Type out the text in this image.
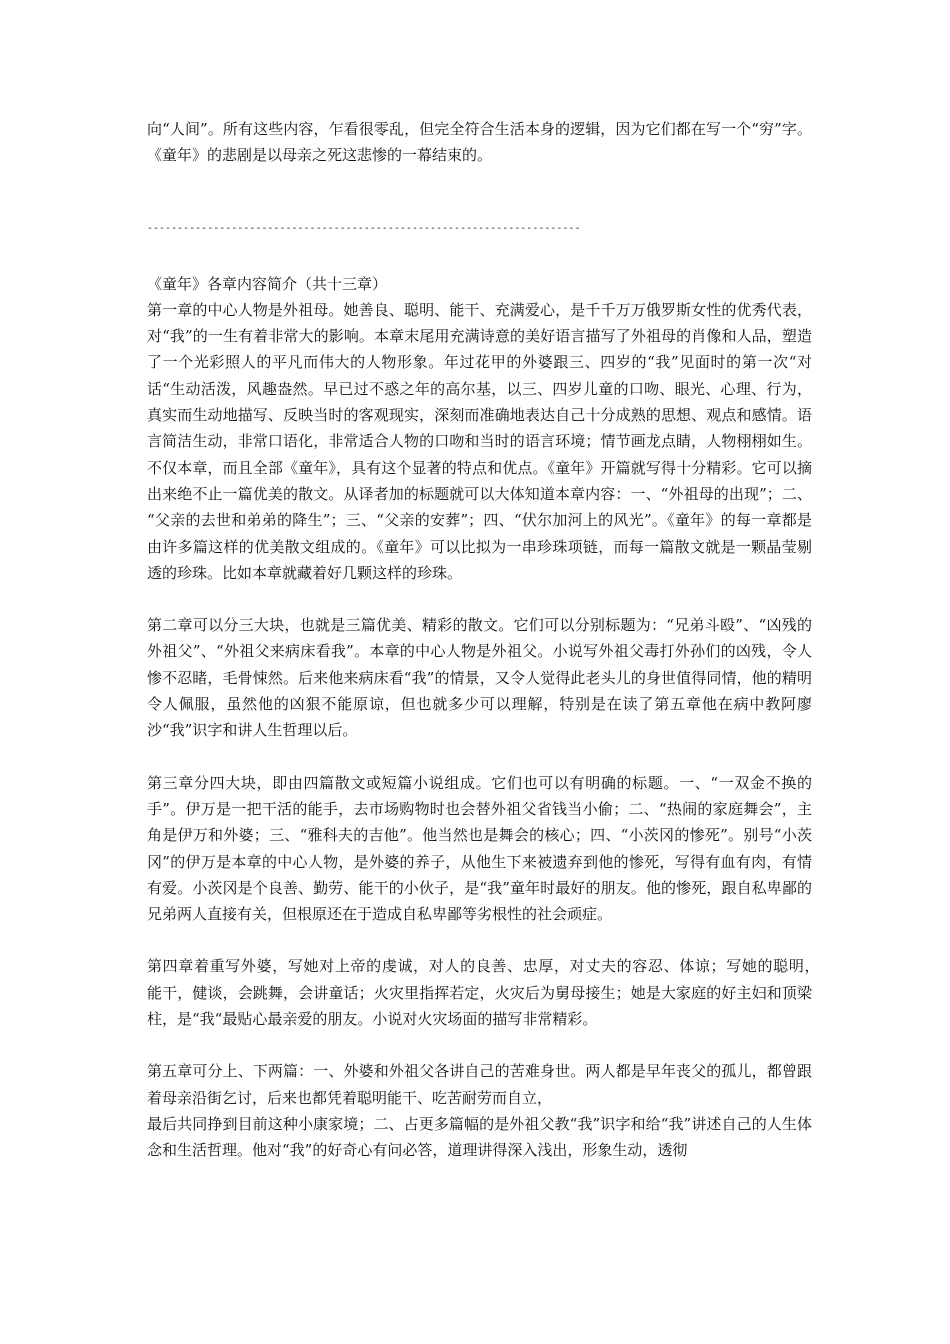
向“人间”。所有这些内容，乍看很零乱，但完全符合生活本身的逻辑，因为它们都在写一个“穷”字。《童年》的悲剧是以母亲之死这悲惨的一幕结束的。

------------------------------------------------------------------------

《童年》各章内容简介（共十三章）

第一章的中心人物是外祖母。她善良、聪明、能干、充满爱心，是千千万万俄罗斯女性的优秀代表，对“我”的一生有着非常大的影响。本章末尾用充满诗意的美好语言描写了外祖母的肖像和人品，塑造了一个光彩照人的平凡而伟大的人物形象。年过花甲的外婆跟三、四岁的“我”见面时的第一次“对话“生动活泼，风趣盎然。早已过不惑之年的高尔基，以三、四岁儿童的口吻、眼光、心理、行为，真实而生动地描写、反映当时的客观现实，深刻而准确地表达自己十分成熟的思想、观点和感情。语言简洁生动，非常口语化，非常适合人物的口吻和当时的语言环境；情节画龙点睛，人物栩栩如生。不仅本章，而且全部《童年》，具有这个显著的特点和优点。《童年》开篇就写得十分精彩。它可以摘出来绝不止一篇优美的散文。从译者加的标题就可以大体知道本章内容：一、“外祖母的出现”；二、 “父亲的去世和弟弟的降生”；三、“父亲的安葬”；四、“伏尔加河上的风光”。《童年》的每一章都是由许多篇这样的优美散文组成的。《童年》可以比拟为一串珍珠项链，而每一篇散文就是一颗晶莹剔透的珍珠。比如本章就藏着好几颗这样的珍珠。

第二章可以分三大块，也就是三篇优美、精彩的散文。它们可以分别标题为：“兄弟斗殴”、“凶残的外祖父”、“外祖父来病床看我”。本章的中心人物是外祖父。小说写外祖父毒打外孙们的凶残，令人惨不忍睹，毛骨悚然。后来他来病床看“我”的情景，又令人觉得此老头儿的身世值得同情，他的精明令人佩服，虽然他的凶狠不能原谅，但也就多少可以理解，特别是在读了第五章他在病中教阿廖沙“我”识字和讲人生哲理以后。

第三章分四大块，即由四篇散文或短篇小说组成。它们也可以有明确的标题。一、“一双金不换的手”。伊万是一把干活的能手，去市场购物时也会替外祖父省钱当小偷；二、“热闹的家庭舞会”，主角是伊万和外婆；三、“雅科夫的吉他”。他当然也是舞会的核心；四、“小茨冈的惨死”。别号“小茨冈”的伊万是本章的中心人物，是外婆的养子，从他生下来被遗弃到他的惨死，写得有血有肉，有情有爱。小茨冈是个良善、勤劳、能干的小伙子，是“我”童年时最好的朋友。他的惨死，跟自私卑鄙的兄弟两人直接有关，但根原还在于造成自私卑鄙等劣根性的社会顽症。

第四章着重写外婆，写她对上帝的虔诚，对人的良善、忠厚，对丈夫的容忍、体谅；写她的聪明，　能干，健谈，会跳舞，会讲童话；火灾里指挥若定，火灾后为舅母接生；她是大家庭的好主妇和顶梁柱，是“我“最贴心最亲爱的朋友。小说对火灾场面的描写非常精彩。

第五章可分上、下两篇：一、外婆和外祖父各讲自己的苦难身世。两人都是早年丧父的孤儿，都曾跟着母亲沿街乞讨，后来也都凭着聪明能干、吃苦耐劳而自立，

最后共同挣到目前这种小康家境；二、占更多篇幅的是外祖父教“我”识字和给“我”讲述自己的人生体念和生活哲理。他对“我”的好奇心有问必答，道理讲得深入浅出，形象生动，透彻
